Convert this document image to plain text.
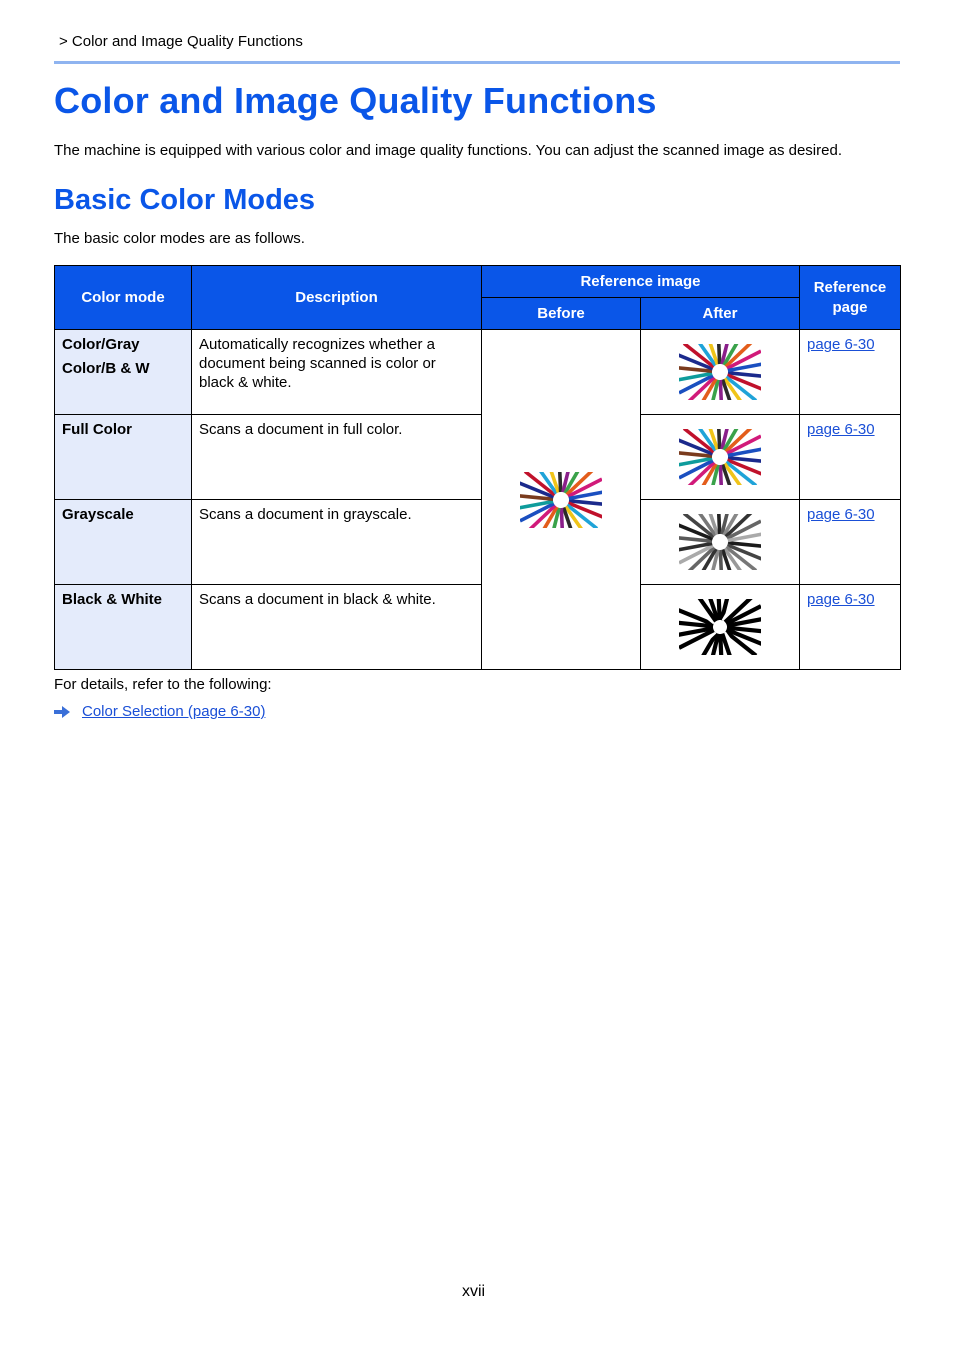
> Color and Image Quality Functions
Color and Image Quality Functions

The machine is equipped with various color and image quality functions. You can adjust the scanned image as desired.

Basic Color Modes

The basic color modes are as follows.

Color mode	Description	Reference image		Reference page
		Before	After	

Color/Gray
Color/B & W	Automatically recognizes whether a document being scanned is color or black & white.			page 6-30

Full Color	Scans a document in full color.			page 6-30

Grayscale	Scans a document in grayscale.			page 6-30

Black & White	Scans a document in black & white.			page 6-30

For details, refer to the following:

Color Selection (page 6-30)
xvii
